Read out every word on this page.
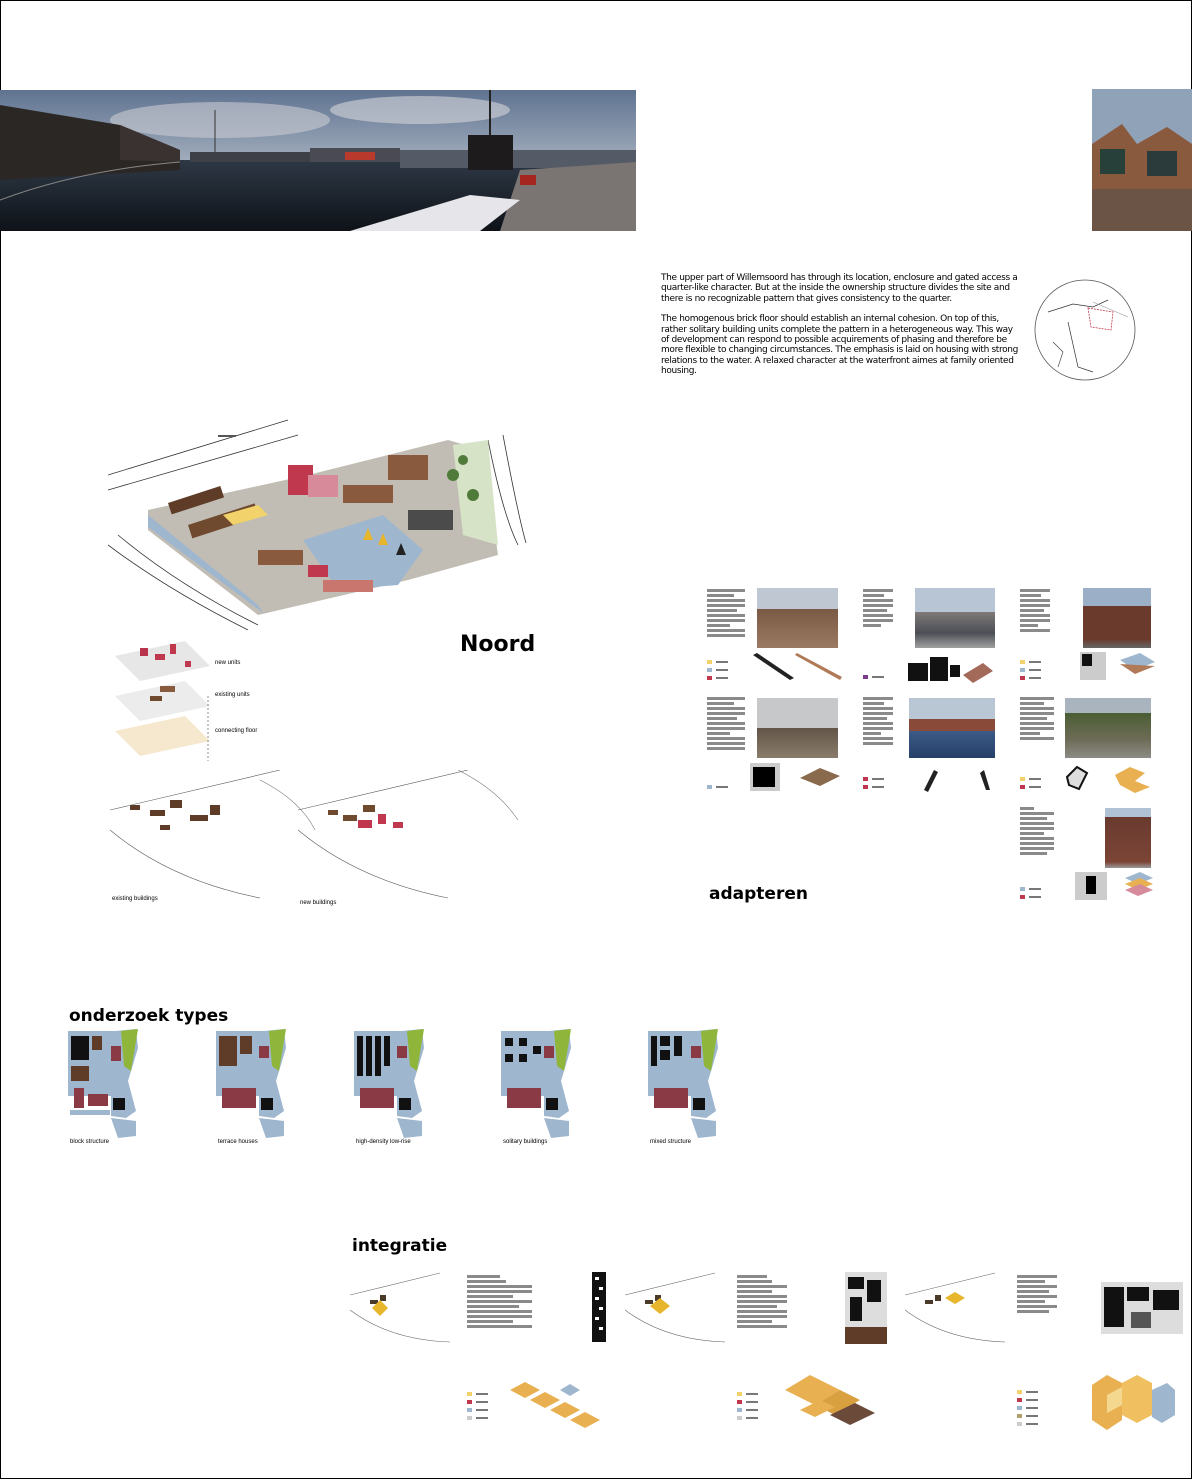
The upper part of Willemsoord has through its location, enclosure and gated access a quarter-like character. But at the inside the ownership structure divides the site and there is no recognizable pattern that gives consistency to the quarter.

The homogenous brick floor should establish an internal cohesion. On top of this, rather solitary building units complete the pattern in a heterogeneous way. This way of development can respond to possible acquirements of phasing and therefore be more flexible to changing circumstances. The emphasis is laid on housing with strong relations to the water. A relaxed character at the waterfront aimes at family oriented housing.

Noord
new units
existing units
connecting floor
existing buildings
new buildings	adapteren
onderzoek types
block structure	terrace houses	high-density low-rise	solitary buildings	mixed structure
integratie
